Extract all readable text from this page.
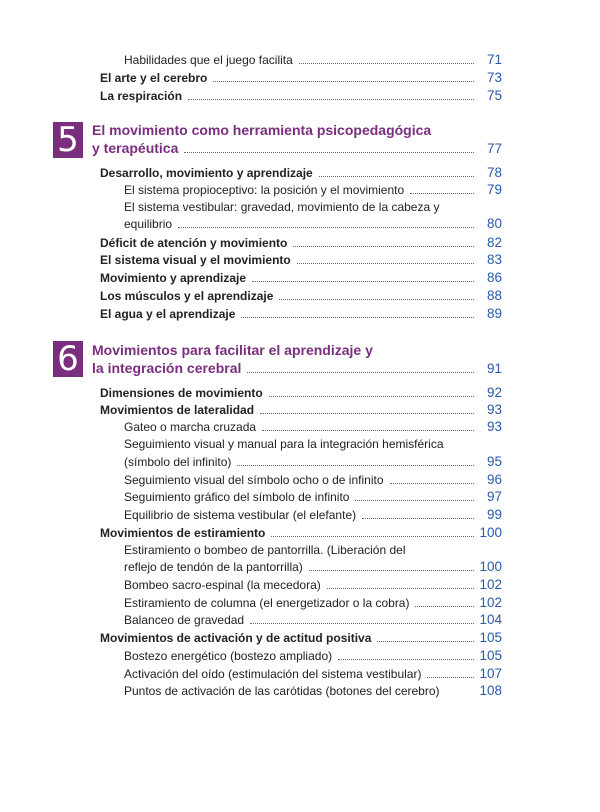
Habilidades que el juego facilita	71
El arte y el cerebro	73
La respiración	75
5 El movimiento como herramienta psicopedagógica
y terapéutica	77
Desarrollo, movimiento y aprendizaje	78
El sistema propioceptivo: la posición y el movimiento	79
El sistema vestibular: gravedad, movimiento de la cabeza y
equilibrio	80
Déficit de atención y movimiento	82
El sistema visual y el movimiento	83
Movimiento y aprendizaje	86
Los músculos y el aprendizaje	88
El agua y el aprendizaje	89
6 Movimientos para facilitar el aprendizaje y
la integración cerebral	91
Dimensiones de movimiento	92
Movimientos de lateralidad	93
Gateo o marcha cruzada	93
Seguimiento visual y manual para la integración hemisférica
(símbolo del infinito)	95
Seguimiento visual del símbolo ocho o de infinito	96
Seguimiento gráfico del símbolo de infinito	97
Equilibrio de sistema vestibular (el elefante)	99
Movimientos de estiramiento	100
Estiramiento o bombeo de pantorrilla. (Liberación del
reflejo de tendón de la pantorrilla)	100
Bombeo sacro-espinal (la mecedora)	102
Estiramiento de columna (el energetizador o la cobra)	102
Balanceo de gravedad	104
Movimientos de activación y de actitud positiva	105
Bostezo energético (bostezo ampliado)	105
Activación del oído (estimulación del sistema vestibular)	107
Puntos de activación de las carótidas (botones del cerebro)	108
